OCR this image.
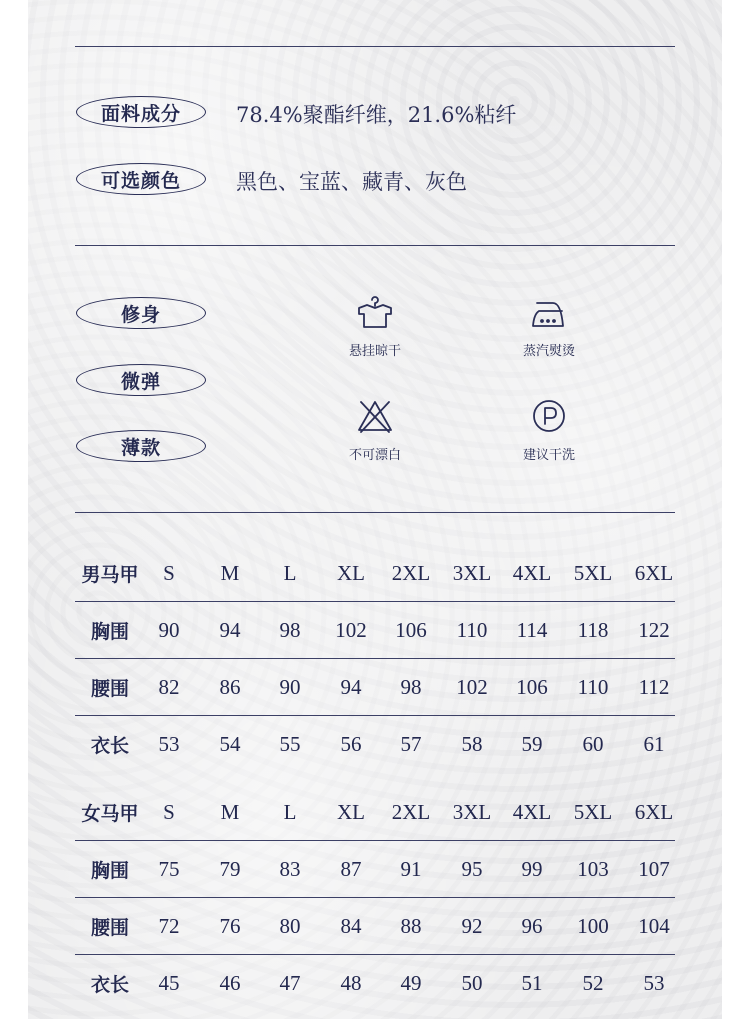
面料成分	78.4%聚酯纤维，21.6%粘纤
可选颜色	黑色、宝蓝、藏青、灰色
修身
微弹
薄款
悬挂晾干	蒸汽熨烫
不可漂白	建议干洗
男马甲	S	M	L	XL	2XL	3XL	4XL	5XL	6XL
胸围	90	94	98	102	106	110	114	118	122
腰围	82	86	90	94	98	102	106	110	112
衣长	53	54	55	56	57	58	59	60	61
女马甲	S	M	L	XL	2XL	3XL	4XL	5XL	6XL
胸围	75	79	83	87	91	95	99	103	107
腰围	72	76	80	84	88	92	96	100	104
衣长	45	46	47	48	49	50	51	52	53
